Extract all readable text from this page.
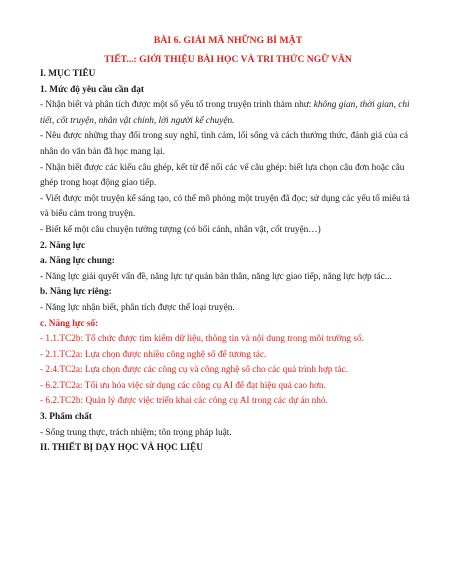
BÀI 6. GIẢI MÃ NHỮNG BÍ MẬT
TIẾT...: GIỚI THIỆU BÀI HỌC VÀ TRI THỨC NGỮ VĂN
I. MỤC TIÊU
1. Mức độ yêu cầu cần đạt

- Nhận biết và phân tích được một số yếu tố trong truyện trinh thám như: không gian, thời gian, chi tiết, cốt truyện, nhân vật chính, lời người kể chuyện.

- Nêu được những thay đổi trong suy nghĩ, tình cảm, lối sống và cách thưởng thức, đánh giá của cá nhân do văn bản đã học mang lại.

- Nhận biết được các kiểu câu ghép, kết từ để nối các vế câu ghép: biết lựa chọn câu đơn hoặc câu ghép trong hoạt động giao tiếp.

- Viết được một truyện kể sáng tạo, có thể mô phỏng một truyện đã đọc; sử dụng các yếu tố miêu tả và biểu cảm trong truyện.

- Biết kể một câu chuyện tưởng tượng (có bối cảnh, nhân vật, cốt truyện…)

2. Năng lực
a. Năng lực chung:

- Năng lực giải quyết vấn đề, năng lực tự quản bản thân, năng lực giao tiếp, năng lực hợp tác...

b. Năng lực riêng:

- Năng lực nhận biết, phân tích được thể loại truyện.

c. Năng lực số:

- 1.1.TC2b: Tổ chức được tìm kiếm dữ liệu, thông tin và nội dung trong môi trường số.

- 2.1.TC2a: Lựa chọn được nhiều công nghệ số để tương tác.

- 2.4.TC2a: Lựa chọn được các công cụ và công nghệ số cho các quá trình hợp tác.

- 6.2.TC2a: Tối ưu hóa việc sử dụng các công cụ AI để đạt hiệu quả cao hơn.

- 6.2.TC2b: Quản lý được việc triển khai các công cụ AI trong các dự án nhỏ.

3. Phẩm chất

- Sống trung thực, trách nhiệm; tôn trọng pháp luật.

II. THIẾT BỊ DẠY HỌC VÀ HỌC LIỆU
